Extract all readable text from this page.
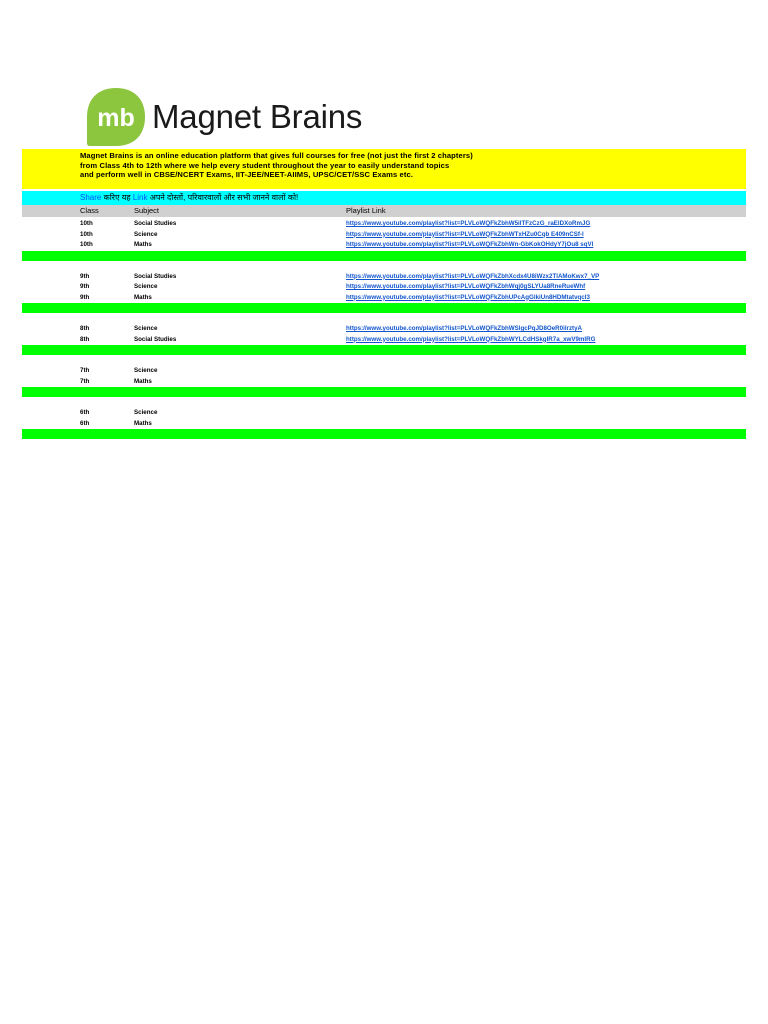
mb Magnet Brains
Magnet Brains is an online education platform that gives full courses for free (not just the first 2 chapters)
from Class 4th to 12th where we help every student throughout the year to easily understand topics
and perform well in CBSE/NCERT Exams, IIT-JEE/NEET-AIIMS, UPSC/CET/SSC Exams etc.
Share करिए यह Link अपने दोस्तों, परिवारवालों और सभी जानने वालों को!
Class	Subject	Playlist Link
10th	Social Studies	https://www.youtube.com/playlist?list=PLVLoWQFkZbhW5iITFzCzG_raElDXoRmJG
10th	Science	https://www.youtube.com/playlist?list=PLVLoWQFkZbhWTxHZu0Cqb E409nCSf-l
10th	Maths	https://www.youtube.com/playlist?list=PLVLoWQFkZbhWn-GbKokOHdyY7jOu8 sqVl
9th	Social Studies	https://www.youtube.com/playlist?list=PLVLoWQFkZbhXcdx4U8iWzx2TlAMoKwx7_VP
9th	Science	https://www.youtube.com/playlist?list=PLVLoWQFkZbhWqj0gSLYUa8RneRueWhf
9th	Maths	https://www.youtube.com/playlist?list=PLVLoWQFkZbhUPcAgGlkiUn8HDMtatvqcI3
8th	Science	https://www.youtube.com/playlist?list=PLVLoWQFkZbhWSlgcPqJD8OeR0ilrztyA
8th	Social Studies	https://www.youtube.com/playlist?list=PLVLoWQFkZbhWYLCdHSkgIR7a_xwV9mIRG
7th	Science
7th	Maths
6th	Science
6th	Maths
